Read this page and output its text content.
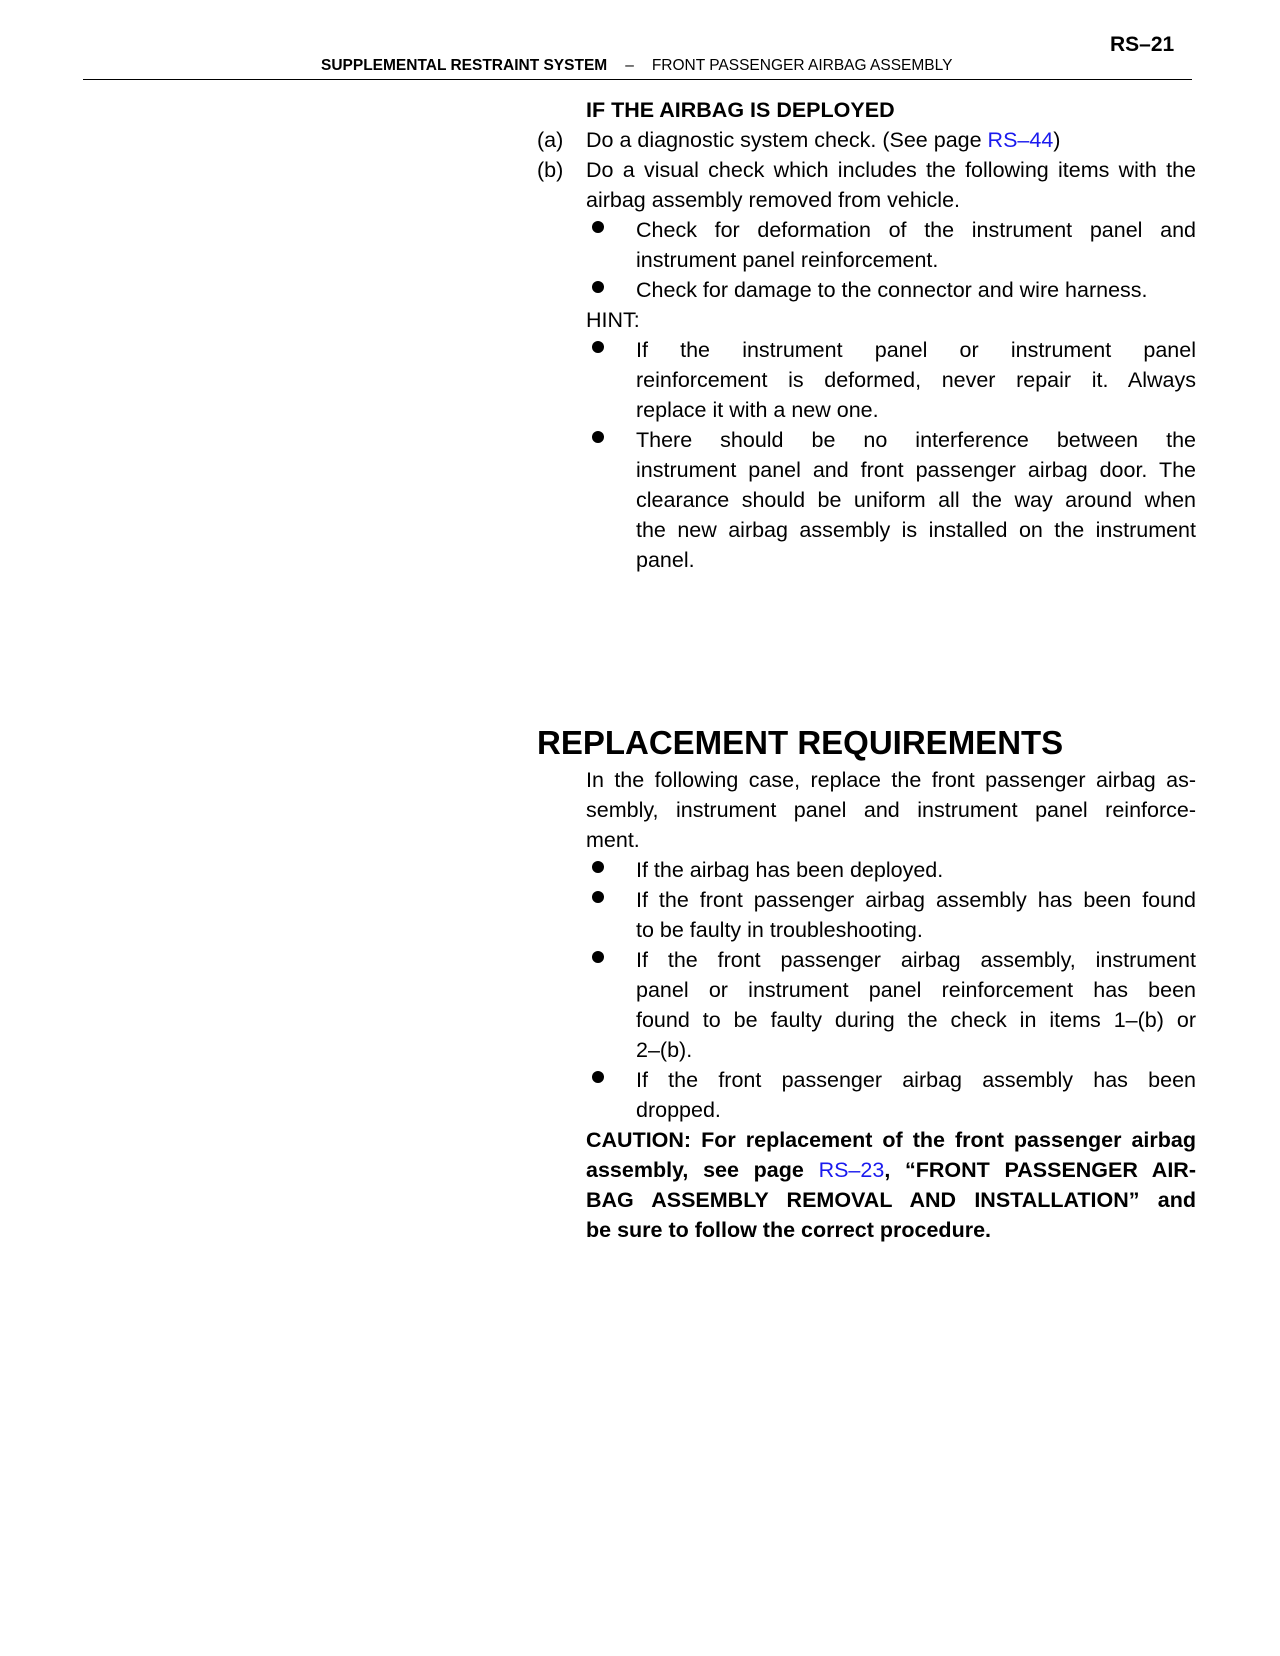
RS–21
SUPPLEMENTAL RESTRAINT SYSTEM – FRONT PASSENGER AIRBAG ASSEMBLY
IF THE AIRBAG IS DEPLOYED
(a)	Do a diagnostic system check. (See page RS–44)
(b)	Do a visual check which includes the following items with the
airbag assembly removed from vehicle.
Check for deformation of the instrument panel and
instrument panel reinforcement.
Check for damage to the connector and wire harness.
HINT:
If the instrument panel or instrument panel
reinforcement is deformed, never repair it. Always
replace it with a new one.
There should be no interference between the
instrument panel and front passenger airbag door. The
clearance should be uniform all the way around when
the new airbag assembly is installed on the instrument
panel.
REPLACEMENT REQUIREMENTS
In the following case, replace the front passenger airbag as-
sembly, instrument panel and instrument panel reinforce-
ment.
If the airbag has been deployed.
If the front passenger airbag assembly has been found
to be faulty in troubleshooting.
If the front passenger airbag assembly, instrument
panel or instrument panel reinforcement has been
found to be faulty during the check in items 1–(b) or
2–(b).
If the front passenger airbag assembly has been
dropped.
CAUTION: For replacement of the front passenger airbag
assembly, see page RS–23, “FRONT PASSENGER AIR-
BAG ASSEMBLY REMOVAL AND INSTALLATION” and
be sure to follow the correct procedure.
